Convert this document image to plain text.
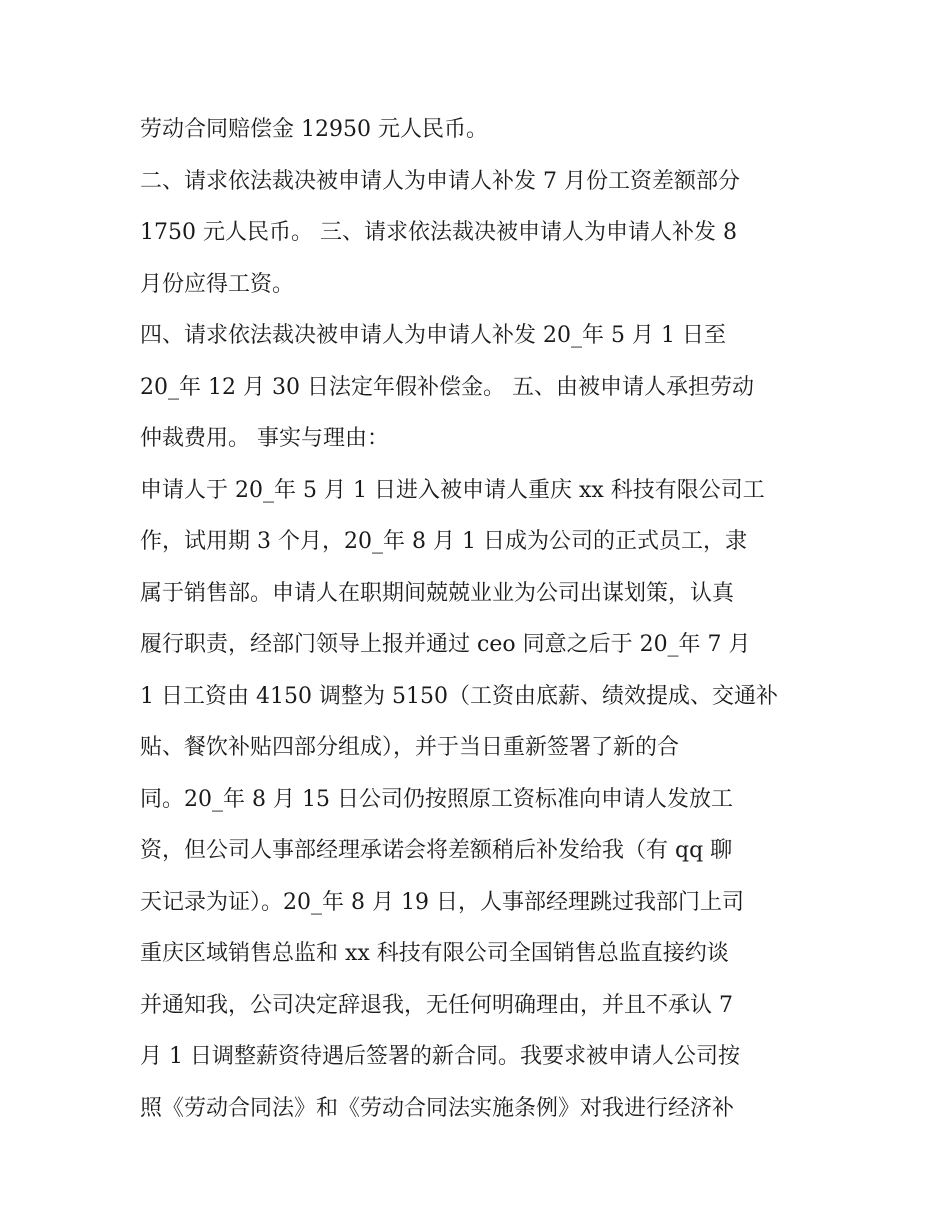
劳动合同赔偿金 12950 元人民币。
二、请求依法裁决被申请人为申请人补发 7 月份工资差额部分
1750 元人民币。 三、请求依法裁决被申请人为申请人补发 8
月份应得工资。
四、请求依法裁决被申请人为申请人补发 20_年 5 月 1 日至
20_年 12 月 30 日法定年假补偿金。 五、由被申请人承担劳动
仲裁费用。 事实与理由：
申请人于 20_年 5 月 1 日进入被申请人重庆 xx 科技有限公司工
作，试用期 3 个月，20_年 8 月 1 日成为公司的正式员工，隶
属于销售部。申请人在职期间兢兢业业为公司出谋划策，认真
履行职责，经部门领导上报并通过 ceo 同意之后于 20_年 7 月
1 日工资由 4150 调整为 5150（工资由底薪、绩效提成、交通补
贴、餐饮补贴四部分组成），并于当日重新签署了新的合
同。20_年 8 月 15 日公司仍按照原工资标准向申请人发放工
资，但公司人事部经理承诺会将差额稍后补发给我（有 qq 聊
天记录为证）。20_年 8 月 19 日，人事部经理跳过我部门上司
重庆区域销售总监和 xx 科技有限公司全国销售总监直接约谈
并通知我，公司决定辞退我，无任何明确理由，并且不承认 7
月 1 日调整薪资待遇后签署的新合同。我要求被申请人公司按
照《劳动合同法》和《劳动合同法实施条例》对我进行经济补
